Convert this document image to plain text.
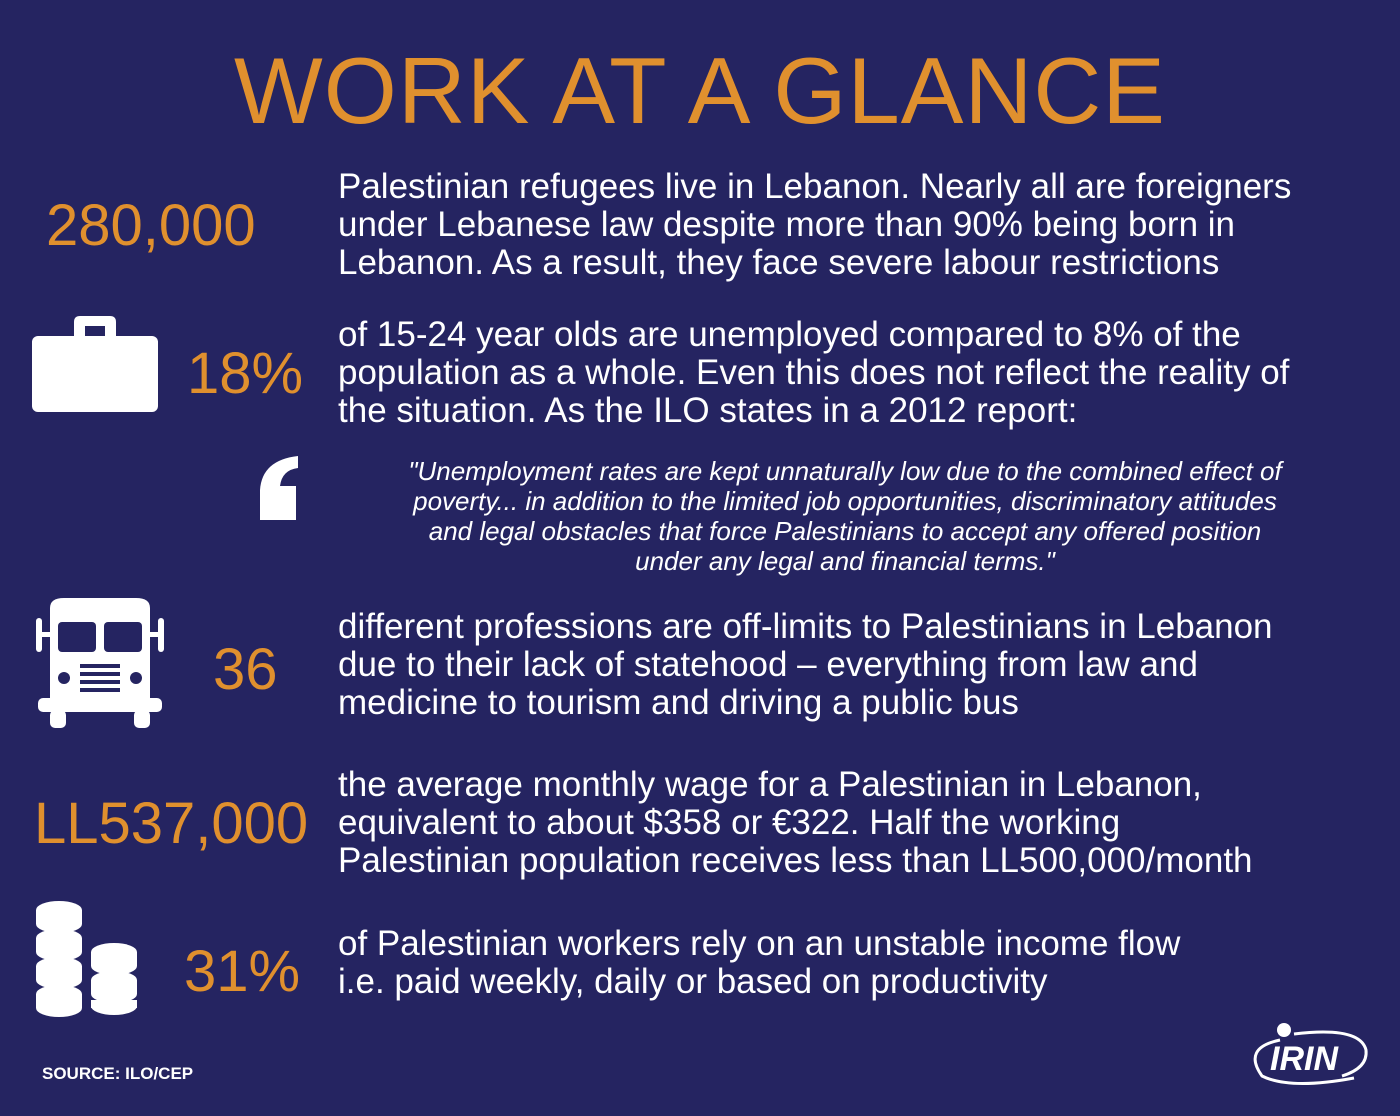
WORK AT A GLANCE
280,000
Palestinian refugees live in Lebanon. Nearly all are foreigners
under Lebanese law despite more than 90% being born in
Lebanon. As a result, they face severe labour restrictions
18%
of 15-24 year olds are unemployed compared to 8% of the
population as a whole. Even this does not reflect the reality of
the situation. As the ILO states in a 2012 report:
"Unemployment rates are kept unnaturally low due to the combined effect of
poverty... in addition to the limited job opportunities, discriminatory attitudes
and legal obstacles that force Palestinians to accept any offered position
under any legal and financial terms."
36
different professions are off-limits to Palestinians in Lebanon
due to their lack of statehood – everything from law and
medicine to tourism and driving a public bus
LL537,000
the average monthly wage for a Palestinian in Lebanon,
equivalent to about $358 or €322. Half the working
Palestinian population receives less than LL500,000/month
31% of Palestinian workers rely on an unstable income flow
i.e. paid weekly, daily or based on productivity
SOURCE: ILO/CEP	IRIN
